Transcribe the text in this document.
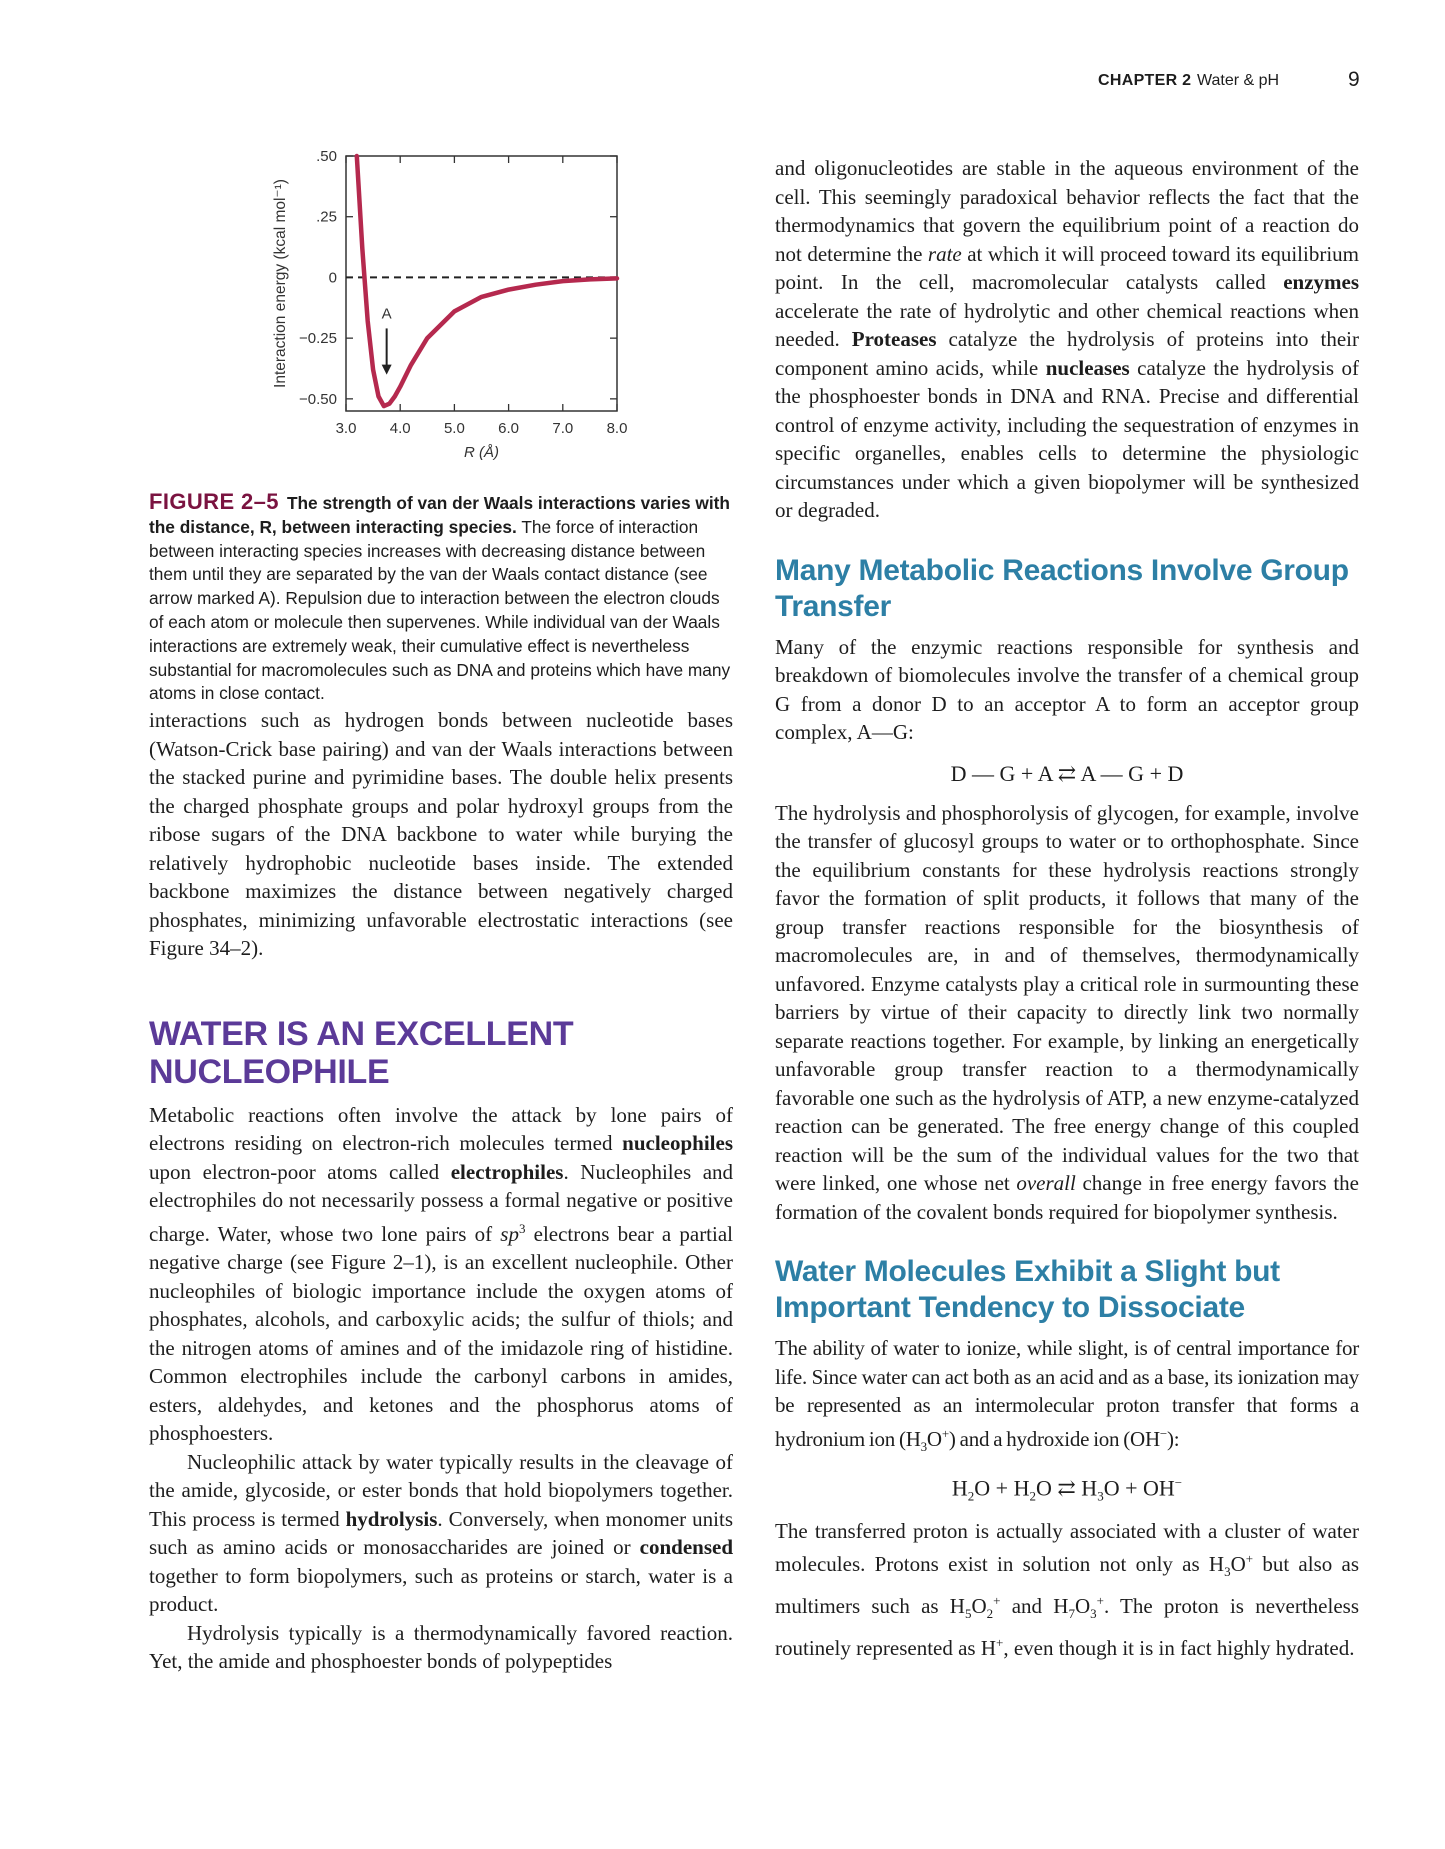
CHAPTER 2 Water & pH	9
3.0 4.0 5.0 6.0 7.0 8.0
.50
.25
0
−0.25
−0.50
R (Å)
Interaction energy (kcal mol⁻¹)	A
FIGURE 2–5 The strength of van der Waals interactions varies with the distance, R, between interacting species. The force of interaction between interacting species increases with decreasing distance between them until they are separated by the van der Waals contact distance (see arrow marked A). Repulsion due to interaction between the electron clouds of each atom or molecule then supervenes. While individual van der Waals interactions are extremely weak, their cumulative effect is nevertheless substantial for macromolecules such as DNA and proteins which have many atoms in close contact.

interactions such as hydrogen bonds between nucleotide bases (Watson-Crick base pairing) and van der Waals interactions between the stacked purine and pyrimidine bases. The double helix presents the charged phosphate groups and polar hydroxyl groups from the ribose sugars of the DNA backbone to water while burying the relatively hydrophobic nucleotide bases inside. The extended backbone maximizes the distance between negatively charged phosphates, minimizing unfavorable electrostatic interactions (see Figure 34–2).

WATER IS AN EXCELLENT NUCLEOPHILE

Metabolic reactions often involve the attack by lone pairs of electrons residing on electron-rich molecules termed nucleophiles upon electron-poor atoms called electrophiles. Nucleophiles and electrophiles do not necessarily possess a formal negative or positive charge. Water, whose two lone pairs of $sp^3$ electrons bear a partial negative charge (see Figure 2–1), is an excellent nucleophile. Other nucleophiles of biologic importance include the oxygen atoms of phosphates, alcohols, and carboxylic acids; the sulfur of thiols; and the nitrogen atoms of amines and of the imidazole ring of histidine. Common electrophiles include the carbonyl carbons in amides, esters, aldehydes, and ketones and the phosphorus atoms of phosphoesters.

Nucleophilic attack by water typically results in the cleavage of the amide, glycoside, or ester bonds that hold biopolymers together. This process is termed hydrolysis. Conversely, when monomer units such as amino acids or monosaccharides are joined or condensed together to form biopolymers, such as proteins or starch, water is a product.

Hydrolysis typically is a thermodynamically favored reaction. Yet, the amide and phosphoester bonds of polypeptides

and oligonucleotides are stable in the aqueous environment of the cell. This seemingly paradoxical behavior reflects the fact that the thermodynamics that govern the equilibrium point of a reaction do not determine the rate at which it will proceed toward its equilibrium point. In the cell, macromolecular catalysts called enzymes accelerate the rate of hydrolytic and other chemical reactions when needed. Proteases catalyze the hydrolysis of proteins into their component amino acids, while nucleases catalyze the hydrolysis of the phosphoester bonds in DNA and RNA. Precise and differential control of enzyme activity, including the sequestration of enzymes in specific organelles, enables cells to determine the physiologic circumstances under which a given biopolymer will be synthesized or degraded.

Many Metabolic Reactions Involve Group Transfer

Many of the enzymic reactions responsible for synthesis and breakdown of biomolecules involve the transfer of a chemical group G from a donor D to an acceptor A to form an acceptor group complex, A—G:

D — G + A ⇄ A — G + D

The hydrolysis and phosphorolysis of glycogen, for example, involve the transfer of glucosyl groups to water or to orthophosphate. Since the equilibrium constants for these hydrolysis reactions strongly favor the formation of split products, it follows that many of the group transfer reactions responsible for the biosynthesis of macromolecules are, in and of themselves, thermodynamically unfavored. Enzyme catalysts play a critical role in surmounting these barriers by virtue of their capacity to directly link two normally separate reactions together. For example, by linking an energetically unfavorable group transfer reaction to a thermodynamically favorable one such as the hydrolysis of ATP, a new enzyme-catalyzed reaction can be generated. The free energy change of this coupled reaction will be the sum of the individual values for the two that were linked, one whose net overall change in free energy favors the formation of the covalent bonds required for biopolymer synthesis.

Water Molecules Exhibit a Slight but Important Tendency to Dissociate

The ability of water to ionize, while slight, is of central importance for life. Since water can act both as an acid and as a base, its ionization may be represented as an intermolecular proton transfer that forms a hydronium ion $(H_3O^+)$ and a hydroxide ion (OH−):

$H_2O + H_2O$ ⇄ $H_3O + OH^-$

The transferred proton is actually associated with a cluster of water molecules. Protons exist in solution not only as $H_3O^+$ but also as multimers such as $H_5O_2^+$ and $H_7O_3^+$. The proton is nevertheless routinely represented as H+, even though it is in fact highly hydrated.
